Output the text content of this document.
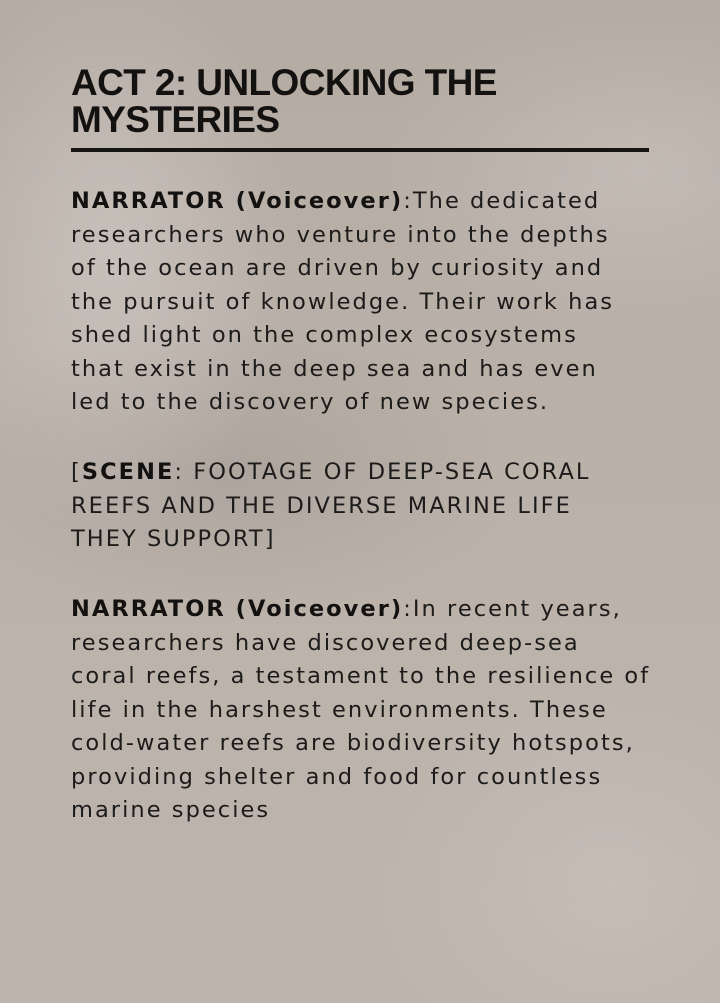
ACT 2: UNLOCKING THE
MYSTERIES

NARRATOR (Voiceover):The dedicated
researchers who venture into the depths
of the ocean are driven by curiosity and
the pursuit of knowledge. Their work has
shed light on the complex ecosystems
that exist in the deep sea and has even
led to the discovery of new species.

[SCENE: FOOTAGE OF DEEP-SEA CORAL
REEFS AND THE DIVERSE MARINE LIFE
THEY SUPPORT]

NARRATOR (Voiceover):In recent years,
researchers have discovered deep-sea
coral reefs, a testament to the resilience of
life in the harshest environments. These
cold-water reefs are biodiversity hotspots,
providing shelter and food for countless
marine species
